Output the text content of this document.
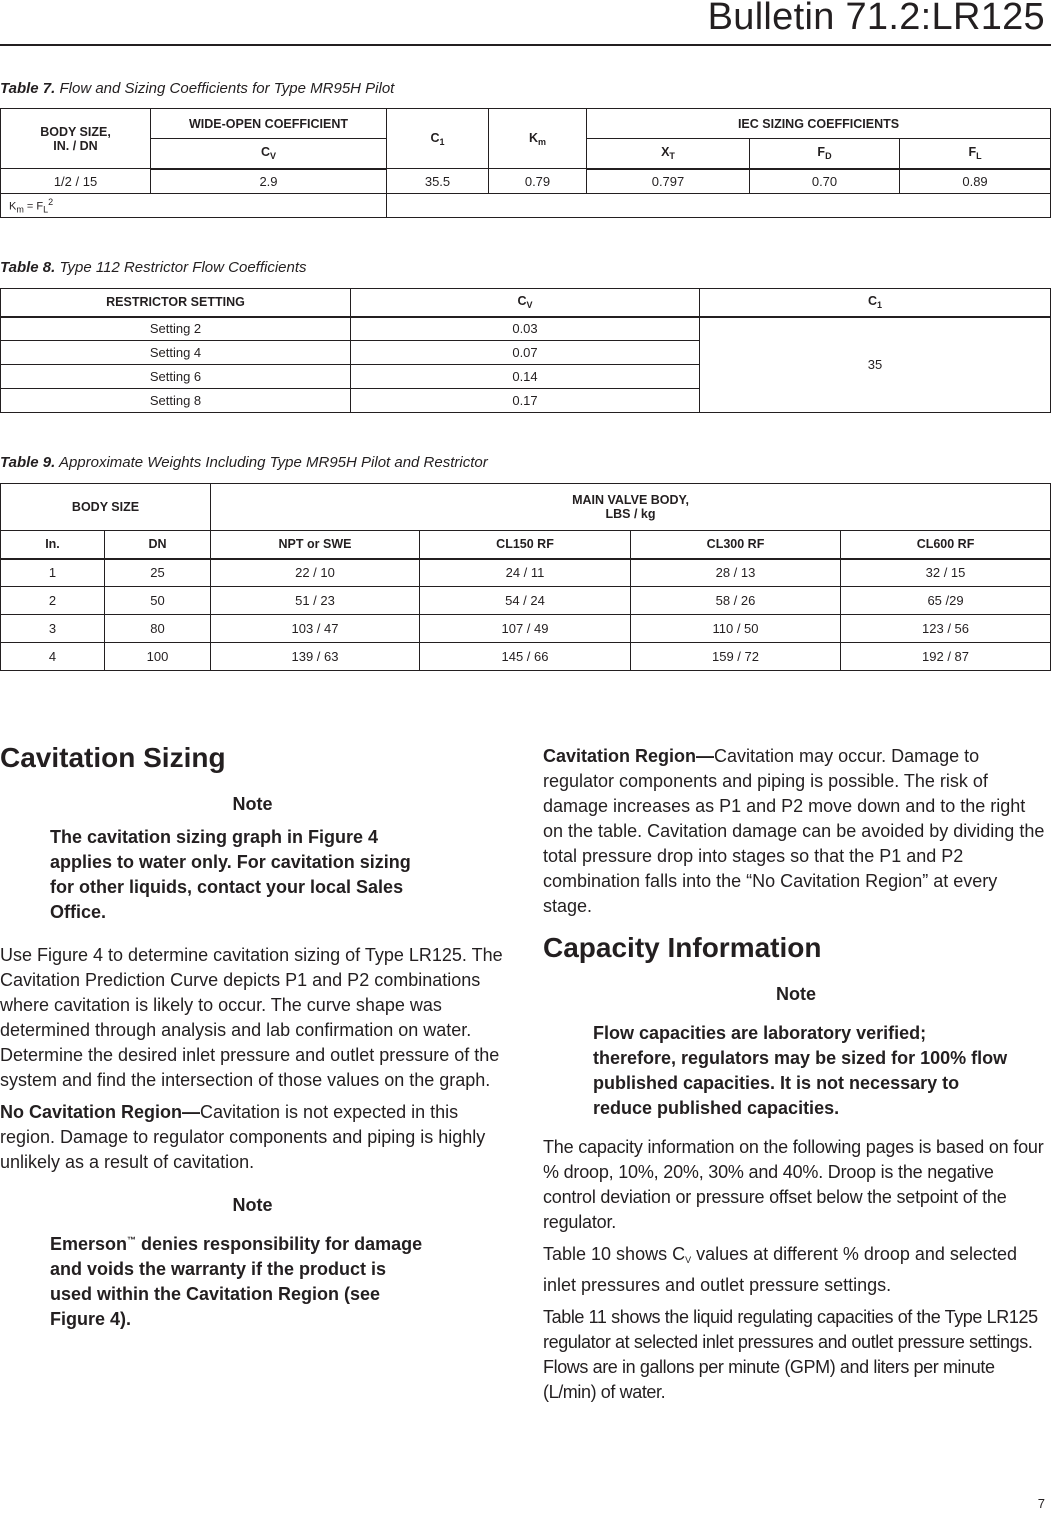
Bulletin 71.2:LR125
Table 7. Flow and Sizing Coefficients for Type MR95H Pilot
BODY SIZE,
IN. / DN	WIDE-OPEN COEFFICIENT	$C_1$	$K_m$	IEC SIZING COEFFICIENTS		
	$C_V$			$X_T$	$F_D$	$F_L$
1/2 / 15	2.9	35.5	0.79	0.797	0.70	0.89
$K_m = F_L^2$	
Table 8. Type 112 Restrictor Flow Coefficients
RESTRICTOR SETTING	$C_V$	$C_1$
Setting 2	0.03	35
Setting 4	0.07	
Setting 6	0.14	
Setting 8	0.17	
Table 9. Approximate Weights Including Type MR95H Pilot and Restrictor
BODY SIZE		MAIN VALVE BODY,
LBS / kg			
In.	DN	NPT or SWE	CL150 RF	CL300 RF	CL600 RF
1	25	22 / 10	24 / 11	28 / 13	32 / 15
2	50	51 / 23	54 / 24	58 / 26	65 /29
3	80	103 / 47	107 / 49	110 / 50	123 / 56
4	100	139 / 63	145 / 66	159 / 72	192 / 87
Cavitation Sizing
Note
The cavitation sizing graph in Figure 4 applies to water only. For cavitation sizing for other liquids, contact your local Sales Office.

Use Figure 4 to determine cavitation sizing of Type LR125. The Cavitation Prediction Curve depicts P1 and P2 combinations where cavitation is likely to occur. The curve shape was determined through analysis and lab confirmation on water. Determine the desired inlet pressure and outlet pressure of the system and find the intersection of those values on the graph.

No Cavitation Region—Cavitation is not expected in this region. Damage to regulator components and piping is highly unlikely as a result of cavitation.

Note
Emerson™ denies responsibility for damage and voids the warranty if the product is used within the Cavitation Region (see Figure 4).

Cavitation Region—Cavitation may occur. Damage to regulator components and piping is possible. The risk of damage increases as P1 and P2 move down and to the right on the table. Cavitation damage can be avoided by dividing the total pressure drop into stages so that the P1 and P2 combination falls into the “No Cavitation Region” at every stage.

Capacity Information
Note
Flow capacities are laboratory verified; therefore, regulators may be sized for 100% flow published capacities. It is not necessary to reduce published capacities.

The capacity information on the following pages is based on four % droop, 10%, 20%, 30% and 40%. Droop is the negative control deviation or pressure offset below the setpoint of the regulator.

Table 10 shows $C_V$ values at different % droop and selected inlet pressures and outlet pressure settings.

Table 11 shows the liquid regulating capacities of the Type LR125 regulator at selected inlet pressures and outlet pressure settings. Flows are in gallons per minute (GPM) and liters per minute (L/min) of water.

7
